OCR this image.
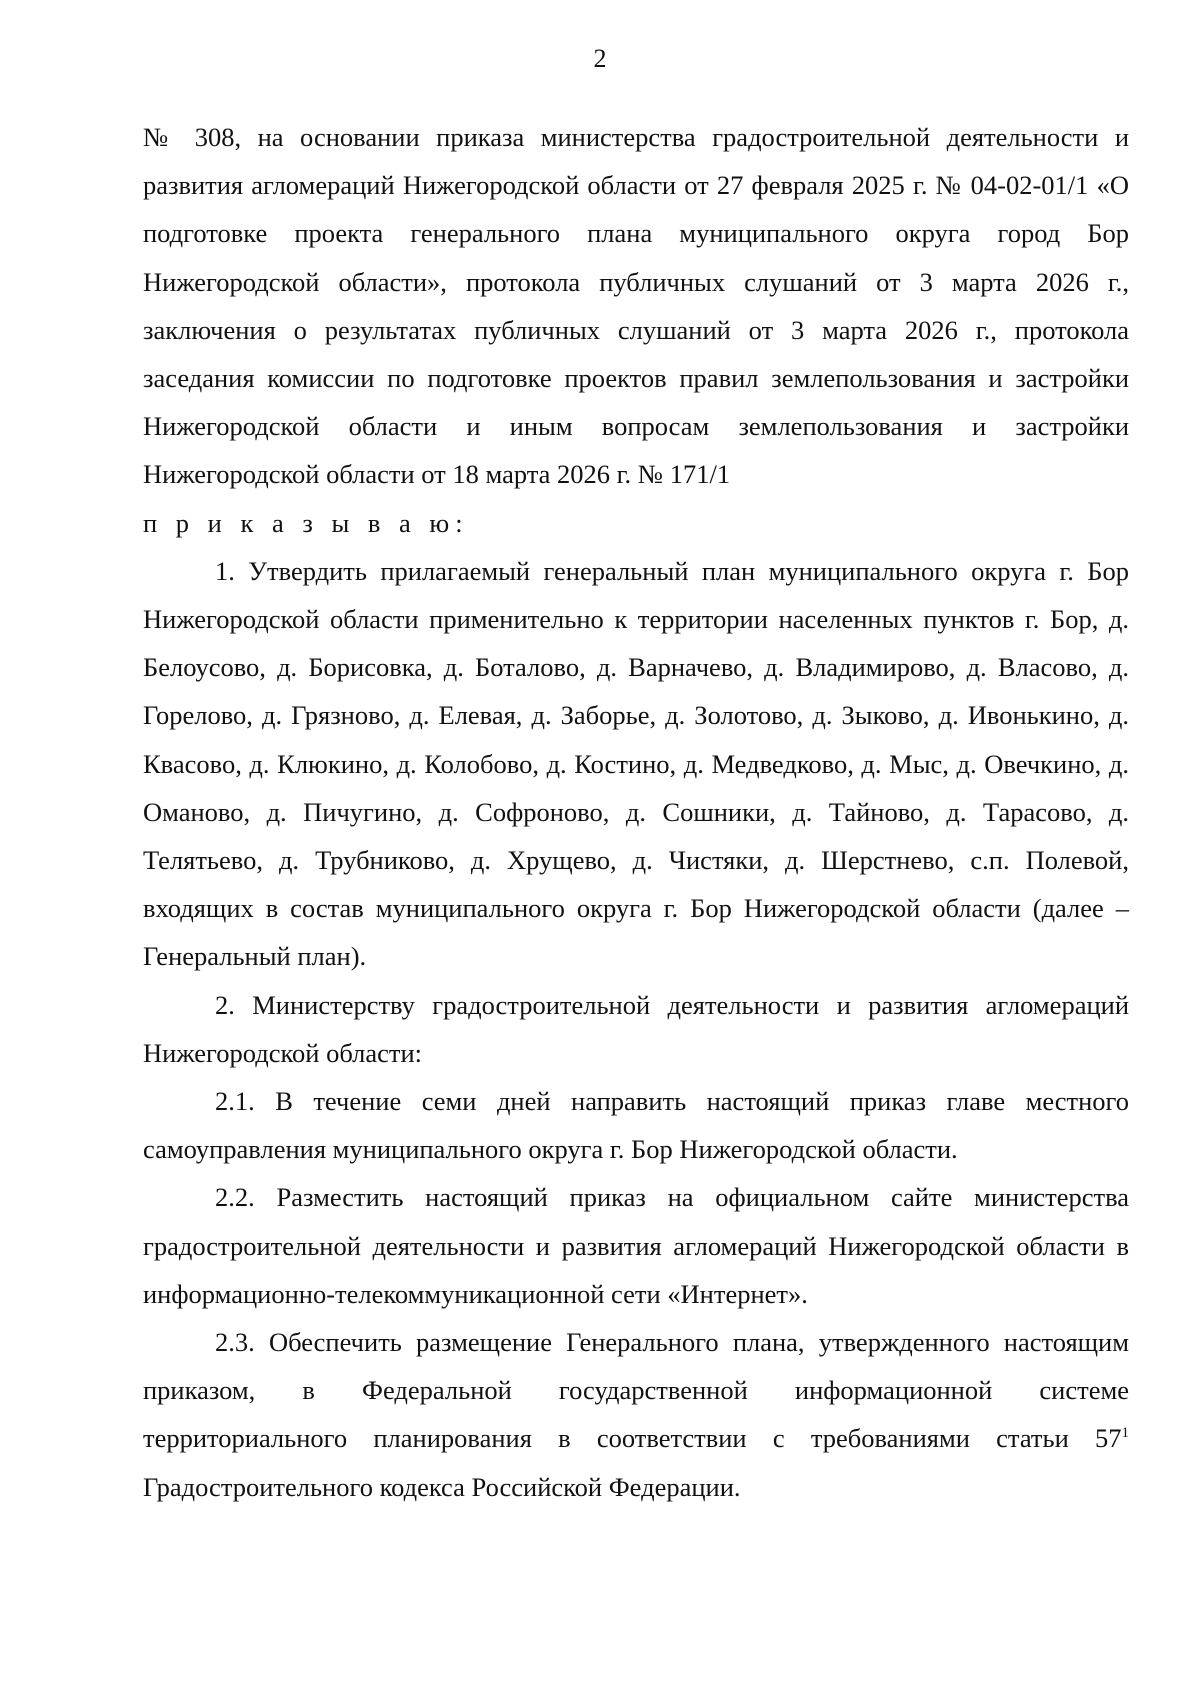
2

№ 308, на основании приказа министерства градостроительной деятельности и развития агломераций Нижегородской области от 27 февраля 2025 г. № 04-02-01/1 «О подготовке проекта генерального плана муниципального округа город Бор Нижегородской области», протокола публичных слушаний от 3 марта 2026 г., заключения о результатах публичных слушаний от 3 марта 2026 г., протокола заседания комиссии по подготовке проектов правил землепользования и застройки Нижегородской области и иным вопросам землепользования и застройки Нижегородской области от 18 марта 2026 г. № 171/1

п р и к а з ы в а ю:

1. Утвердить прилагаемый генеральный план муниципального округа г. Бор Нижегородской области применительно к территории населенных пунктов г. Бор, д. Белоусово, д. Борисовка, д. Боталово, д. Варначево, д. Владимирово, д. Власово, д. Горелово, д. Грязново, д. Елевая, д. Заборье, д. Золотово, д. Зыково, д. Ивонькино, д. Квасово, д. Клюкино, д. Колобово, д. Костино, д. Медведково, д. Мыс, д. Овечкино, д. Оманово, д. Пичугино, д. Софроново, д. Сошники, д. Тайново, д. Тарасово, д. Телятьево, д. Трубниково, д. Хрущево, д. Чистяки, д. Шерстнево, с.п. Полевой, входящих в состав муниципального округа г. Бор Нижегородской области (далее – Генеральный план).

2. Министерству градостроительной деятельности и развития агломераций Нижегородской области:

2.1. В течение семи дней направить настоящий приказ главе местного самоуправления муниципального округа г. Бор Нижегородской области.

2.2. Разместить настоящий приказ на официальном сайте министерства градостроительной деятельности и развития агломераций Нижегородской области в информационно-телекоммуникационной сети «Интернет».

2.3. Обеспечить размещение Генерального плана, утвержденного настоящим приказом, в Федеральной государственной информационной системе территориального планирования в соответствии с требованиями статьи $57^1$ Градостроительного кодекса Российской Федерации.
